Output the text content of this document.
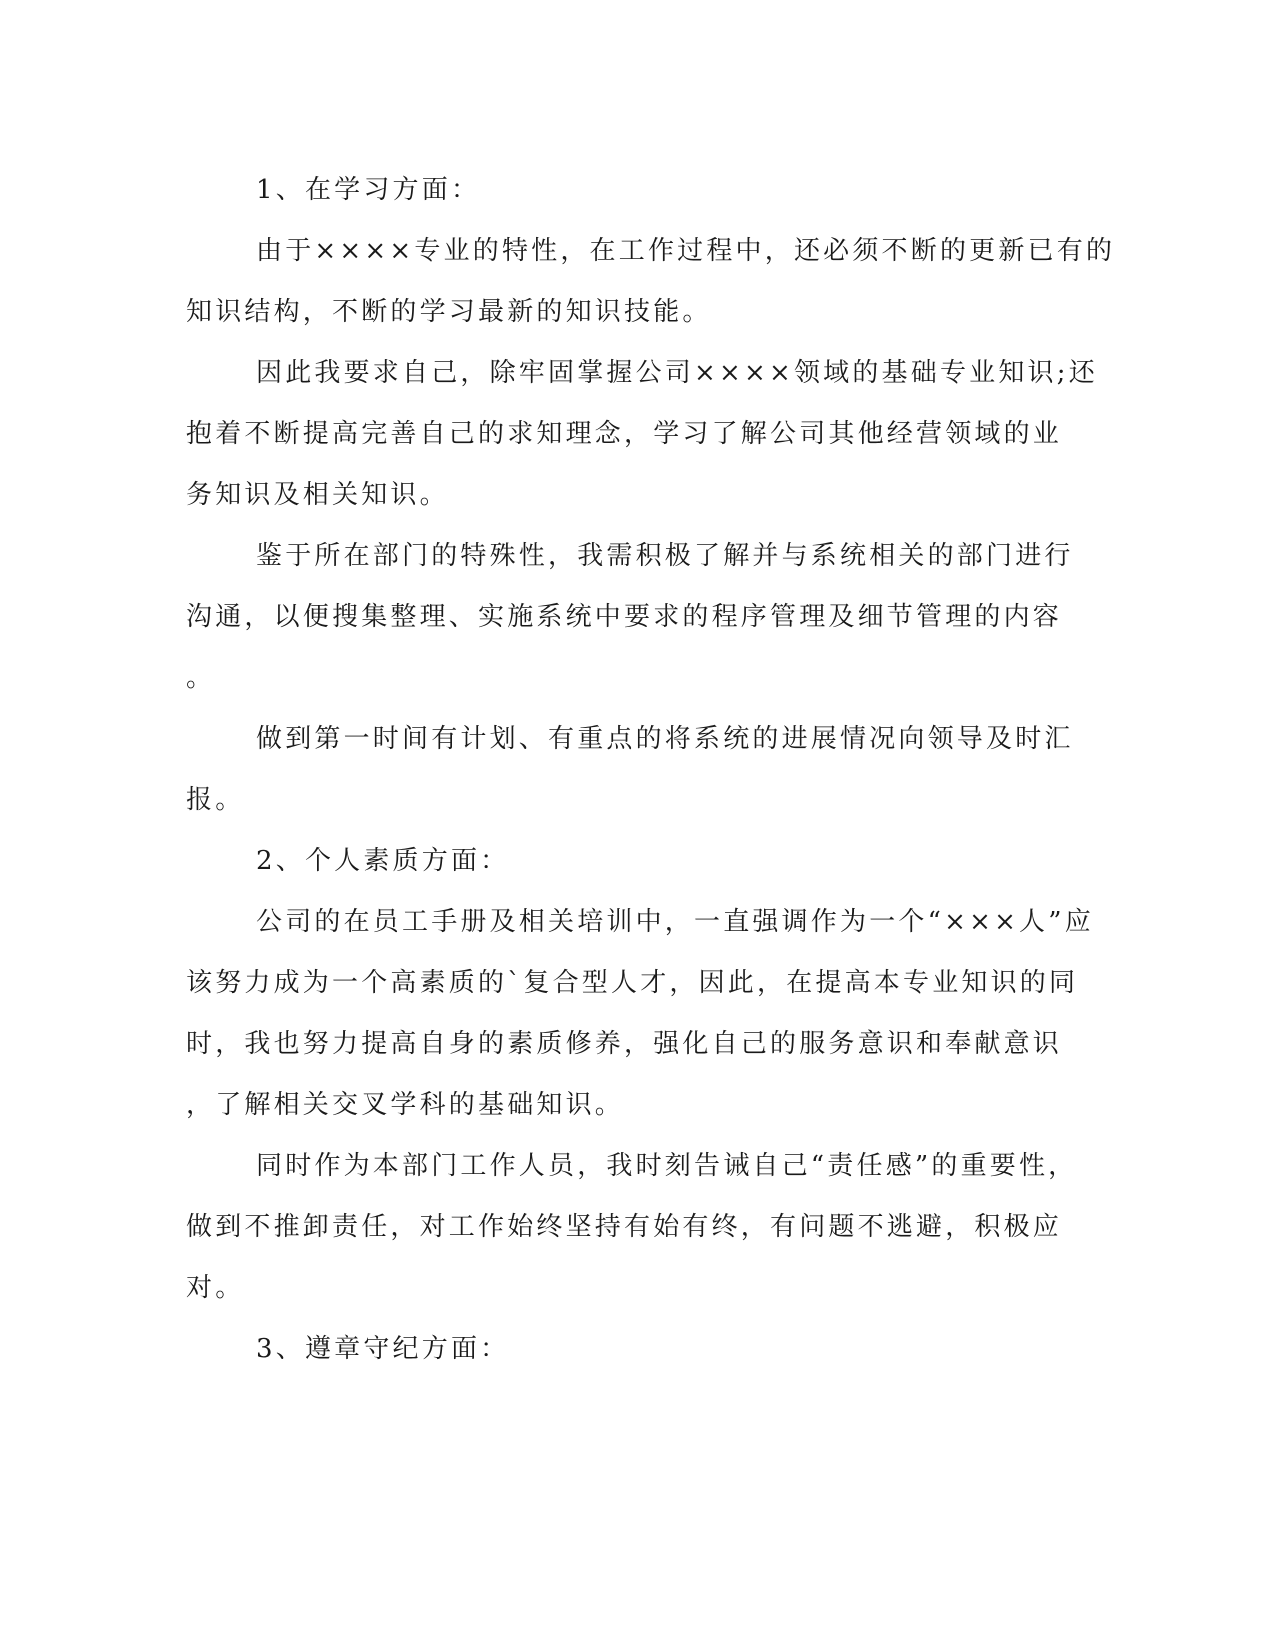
1、在学习方面：
由于××××专业的特性，在工作过程中，还必须不断的更新已有的
知识结构，不断的学习最新的知识技能。
因此我要求自己，除牢固掌握公司××××领域的基础专业知识;还
抱着不断提高完善自己的求知理念，学习了解公司其他经营领域的业
务知识及相关知识。
鉴于所在部门的特殊性，我需积极了解并与系统相关的部门进行
沟通，以便搜集整理、实施系统中要求的程序管理及细节管理的内容
。
做到第一时间有计划、有重点的将系统的进展情况向领导及时汇
报。
2、个人素质方面：
公司的在员工手册及相关培训中，一直强调作为一个“×××人”应
该努力成为一个高素质的`复合型人才，因此，在提高本专业知识的同
时，我也努力提高自身的素质修养，强化自己的服务意识和奉献意识
，了解相关交叉学科的基础知识。
同时作为本部门工作人员，我时刻告诫自己“责任感”的重要性，
做到不推卸责任，对工作始终坚持有始有终，有问题不逃避，积极应
对。
3、遵章守纪方面：
